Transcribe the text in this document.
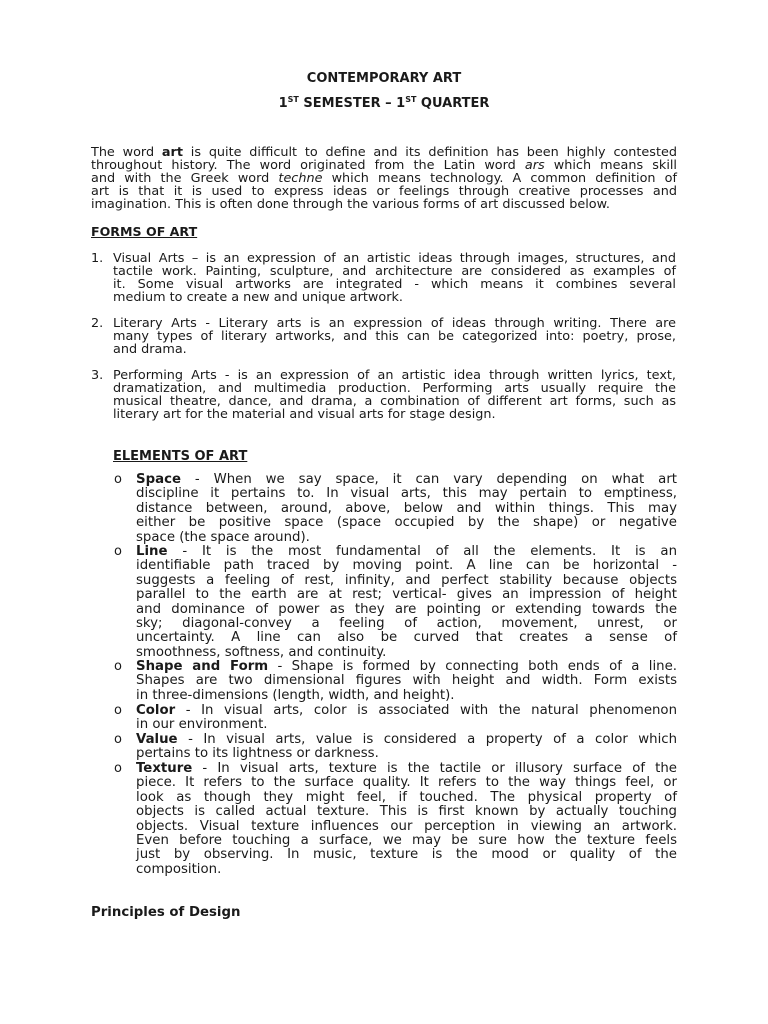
CONTEMPORARY ART
1ST SEMESTER – 1ST QUARTER
The word art is quite difficult to define and its definition has been highly contested
throughout history. The word originated from the Latin word ars which means skill
and with the Greek word techne which means technology. A common definition of
art is that it is used to express ideas or feelings through creative processes and
imagination. This is often done through the various forms of art discussed below.
FORMS OF ART
1. Visual Arts – is an expression of an artistic ideas through images, structures, and
tactile work. Painting, sculpture, and architecture are considered as examples of
it. Some visual artworks are integrated - which means it combines several
medium to create a new and unique artwork.
2. Literary Arts - Literary arts is an expression of ideas through writing. There are
many types of literary artworks, and this can be categorized into: poetry, prose,
and drama.
3. Performing Arts - is an expression of an artistic idea through written lyrics, text,
dramatization, and multimedia production. Performing arts usually require the
musical theatre, dance, and drama, a combination of different art forms, such as
literary art for the material and visual arts for stage design.
ELEMENTS OF ART
o Space - When we say space, it can vary depending on what art
discipline it pertains to. In visual arts, this may pertain to emptiness,
distance between, around, above, below and within things. This may
either be positive space (space occupied by the shape) or negative
space (the space around).
o Line - It is the most fundamental of all the elements. It is an
identifiable path traced by moving point. A line can be horizontal -
suggests a feeling of rest, infinity, and perfect stability because objects
parallel to the earth are at rest; vertical- gives an impression of height
and dominance of power as they are pointing or extending towards the
sky; diagonal-convey a feeling of action, movement, unrest, or
uncertainty. A line can also be curved that creates a sense of
smoothness, softness, and continuity.
o Shape and Form - Shape is formed by connecting both ends of a line.
Shapes are two dimensional figures with height and width. Form exists
in three-dimensions (length, width, and height).
o Color - In visual arts, color is associated with the natural phenomenon
in our environment.
o Value - In visual arts, value is considered a property of a color which
pertains to its lightness or darkness.
o Texture - In visual arts, texture is the tactile or illusory surface of the
piece. It refers to the surface quality. It refers to the way things feel, or
look as though they might feel, if touched. The physical property of
objects is called actual texture. This is first known by actually touching
objects. Visual texture influences our perception in viewing an artwork.
Even before touching a surface, we may be sure how the texture feels
just by observing. In music, texture is the mood or quality of the
composition.
Principles of Design
